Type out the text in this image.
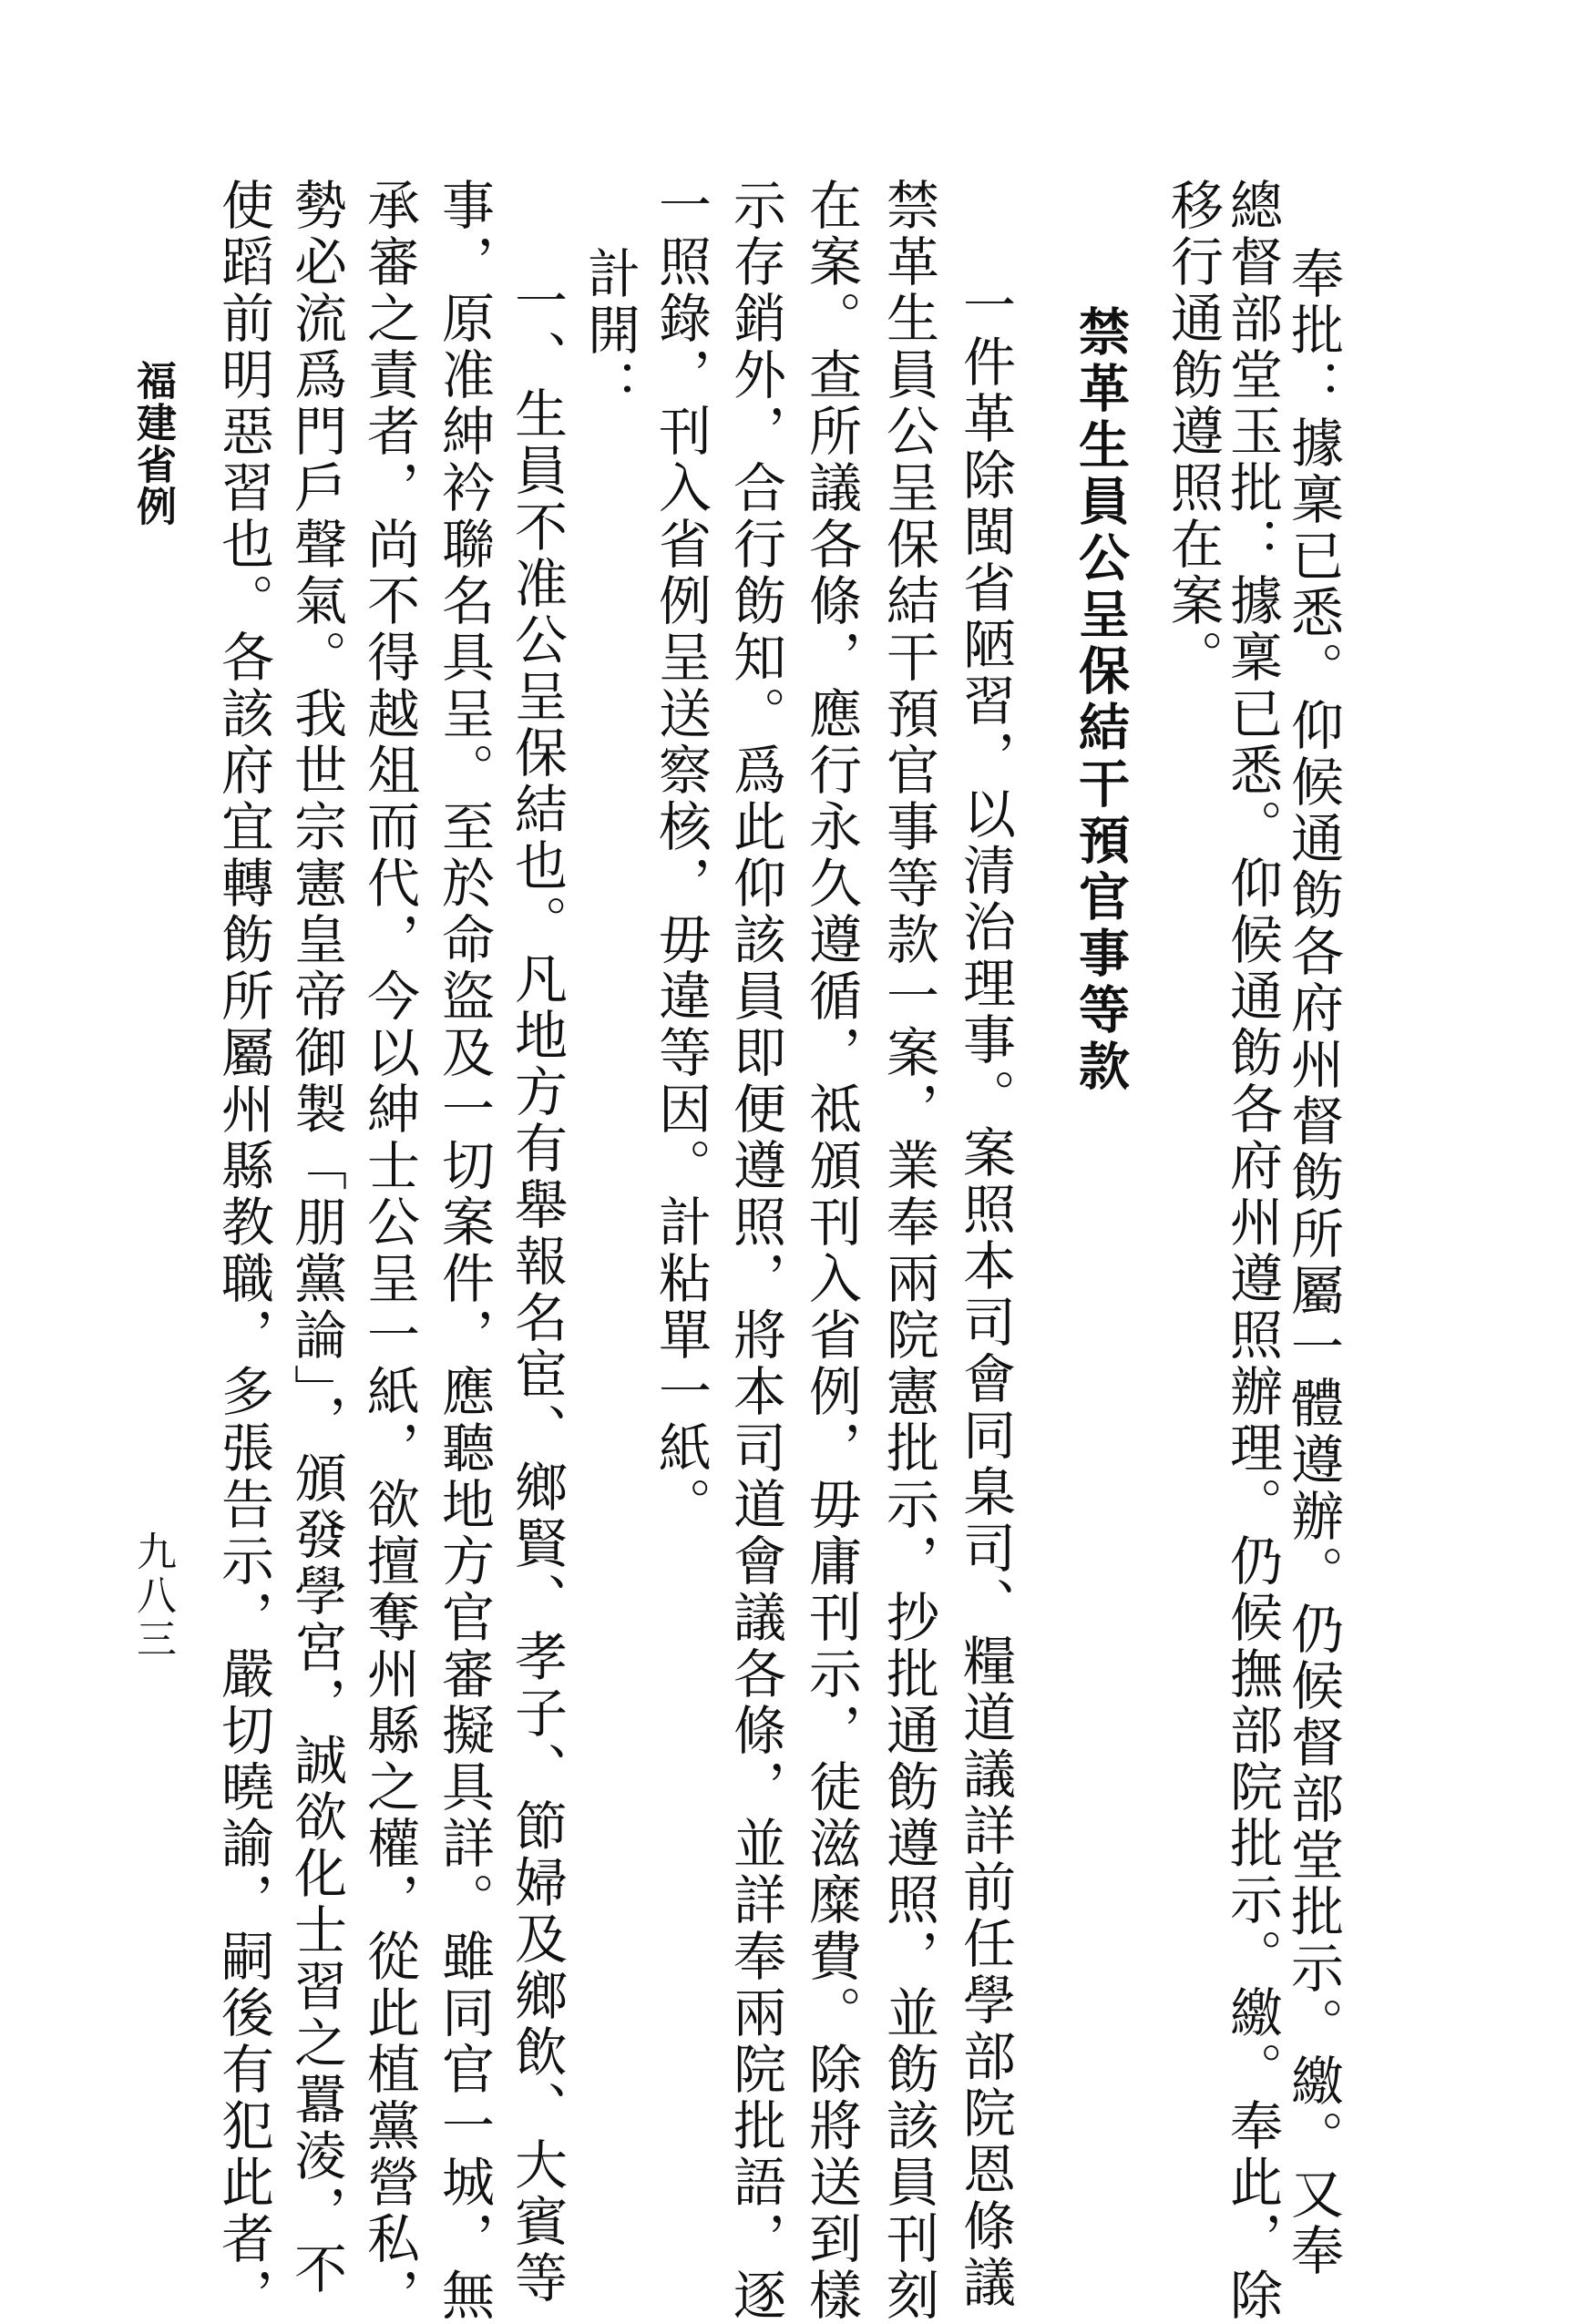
奉批：據稟已悉。仰候通飭各府州督飭所屬一體遵辦。仍候督部堂批示。繳。又奉
總督部堂玉批：據稟已悉。仰候通飭各府州遵照辦理。仍候撫部院批示。繳。奉此，除
移行通飭遵照在案。
禁革生員公呈保結干預官事等款
一件革除閩省陋習，以清治理事。案照本司會同臬司、糧道議詳前任學部院恩條議
禁革生員公呈保結干預官事等款一案，業奉兩院憲批示，抄批通飭遵照，並飭該員刊刻
在案。查所議各條，應行永久遵循，祗頒刊入省例，毋庸刊示，徒滋糜費。除將送到樣
示存銷外，合行飭知。爲此仰該員即便遵照，將本司道會議各條，並詳奉兩院批語，逐
一照錄，刊入省例呈送察核，毋違等因。計粘單一紙。
計開：
一、生員不准公呈保結也。凡地方有舉報名宦、鄉賢、孝子、節婦及鄉飲、大賓等
事，原准紳衿聯名具呈。至於命盜及一切案件，應聽地方官審擬具詳。雖同官一城，無
承審之責者，尚不得越俎而代，今以紳士公呈一紙，欲擅奪州縣之權，從此植黨營私，
勢必流爲門戶聲氣。我世宗憲皇帝御製「朋黨論」，頒發學宮，誠欲化士習之囂淩，不
使蹈前明惡習也。各該府宜轉飭所屬州縣教職，多張告示，嚴切曉諭，嗣後有犯此者，
福建省例
九八三
